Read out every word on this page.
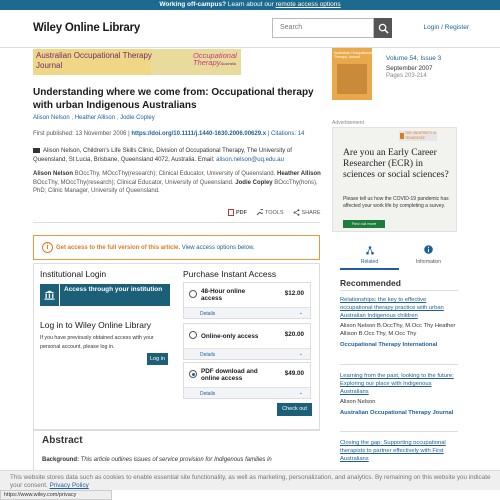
Working off-campus? Learn about our remote access options
Wiley Online Library	Search	Login / Register
Australian Occupational Therapy
Journal
Occupational TherapyAustralia
Understanding where we come from: Occupational therapy with urban Indigenous Australians
Alison Nelson , Heather Allison , Jodie Copley
First published: 13 November 2006 | https://doi.org/10.1111/j.1440-1630.2006.00629.x | Citations: 14
Alison Nelson, Children's Life Skills Clinic, Division of Occupational Therapy, The University of Queensland, St Lucia, Brisbane, Queensland 4072, Australia. Email: alison.nelson@uq.edu.au
Alison Nelson BOccThy, MOccThy(research); Clinical Educator, University of Queensland. Heather Allison BOccThy, MOccThy(research); Clinical Educator, University of Queensland. Jodie Copley BOccThy(hons), PhD; Clinic Manager, University of Queensland.
PDF	TOOLS	SHARE
i	Get access to the full version of this article. View access options below.
Institutional Login
Access through your institution
Log in to Wiley Online Library
If you have previously obtained access with your personal account, please log in.
Log in
Purchase Instant Access
48-Hour online access
$12.00
Details	⌄
Online-only access	$20.00
Details	⌄
PDF download and online access
$49.00
Details	⌄
Check out
Abstract
Background: This article outlines issues of service provision for Indigenous families in
Australian Occupational Therapy Journal	Volume 54, Issue 3
September 2007
Pages 203-214
Advertisement
THE UNIVERSITY of TENNESSEE
Are you an Early Career Researcher (ECR) in sciences or social sciences?
Please tell us how the COVID-19 pandemic has affected your work life by completing a survey.
Find out more
Related	Information
Recommended
Relationships: the key to effective occupational therapy practice with urban Australian Indigenous children
Alison Nelson B.OccThy, M.Occ Thy Heather Allison B.Occ Thy, M.Occ Thy
Occupational Therapy International
Learning from the past, looking to the future: Exploring our place with Indigenous Australians
Alison Nelson
Australian Occupational Therapy Journal
Closing the gap: Supporting occupational therapists to partner effectively with First Australians
This website stores data such as cookies to enable essential site functionality, as well as marketing, personalization, and analytics. By remaining on this website you indicate your consent. Privacy Policy
https://www.wiley.com/privacy
